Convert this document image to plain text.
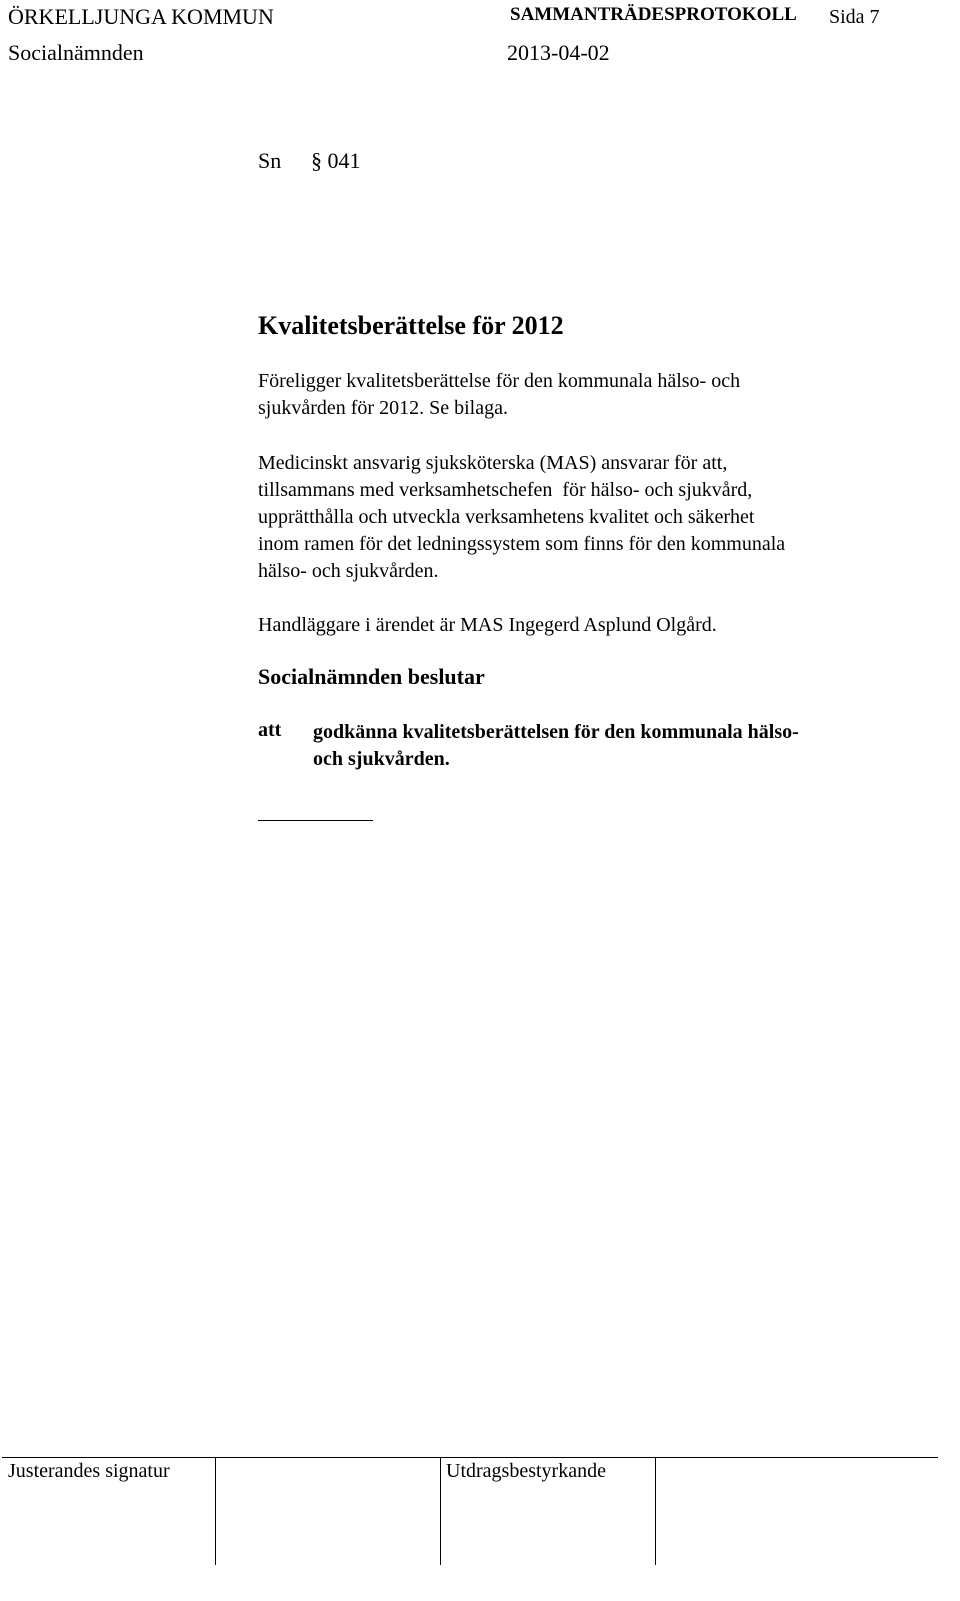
ÖRKELLJUNGA KOMMUN	SAMMANTRÄDESPROTOKOLL Sida 7
Socialnämnden	2013-04-02
Sn § 041
Kvalitetsberättelse för 2012
Föreligger kvalitetsberättelse för den kommunala hälso- och
sjukvården för 2012. Se bilaga.
Medicinskt ansvarig sjuksköterska (MAS) ansvarar för att,
tillsammans med verksamhetschefen  för hälso- och sjukvård,
upprätthålla och utveckla verksamhetens kvalitet och säkerhet
inom ramen för det ledningssystem som finns för den kommunala
hälso- och sjukvården.
Handläggare i ärendet är MAS Ingegerd Asplund Olgård.
Socialnämnden beslutar
att godkänna kvalitetsberättelsen för den kommunala hälso-
och sjukvården.
Justerandes signatur	Utdragsbestyrkande
